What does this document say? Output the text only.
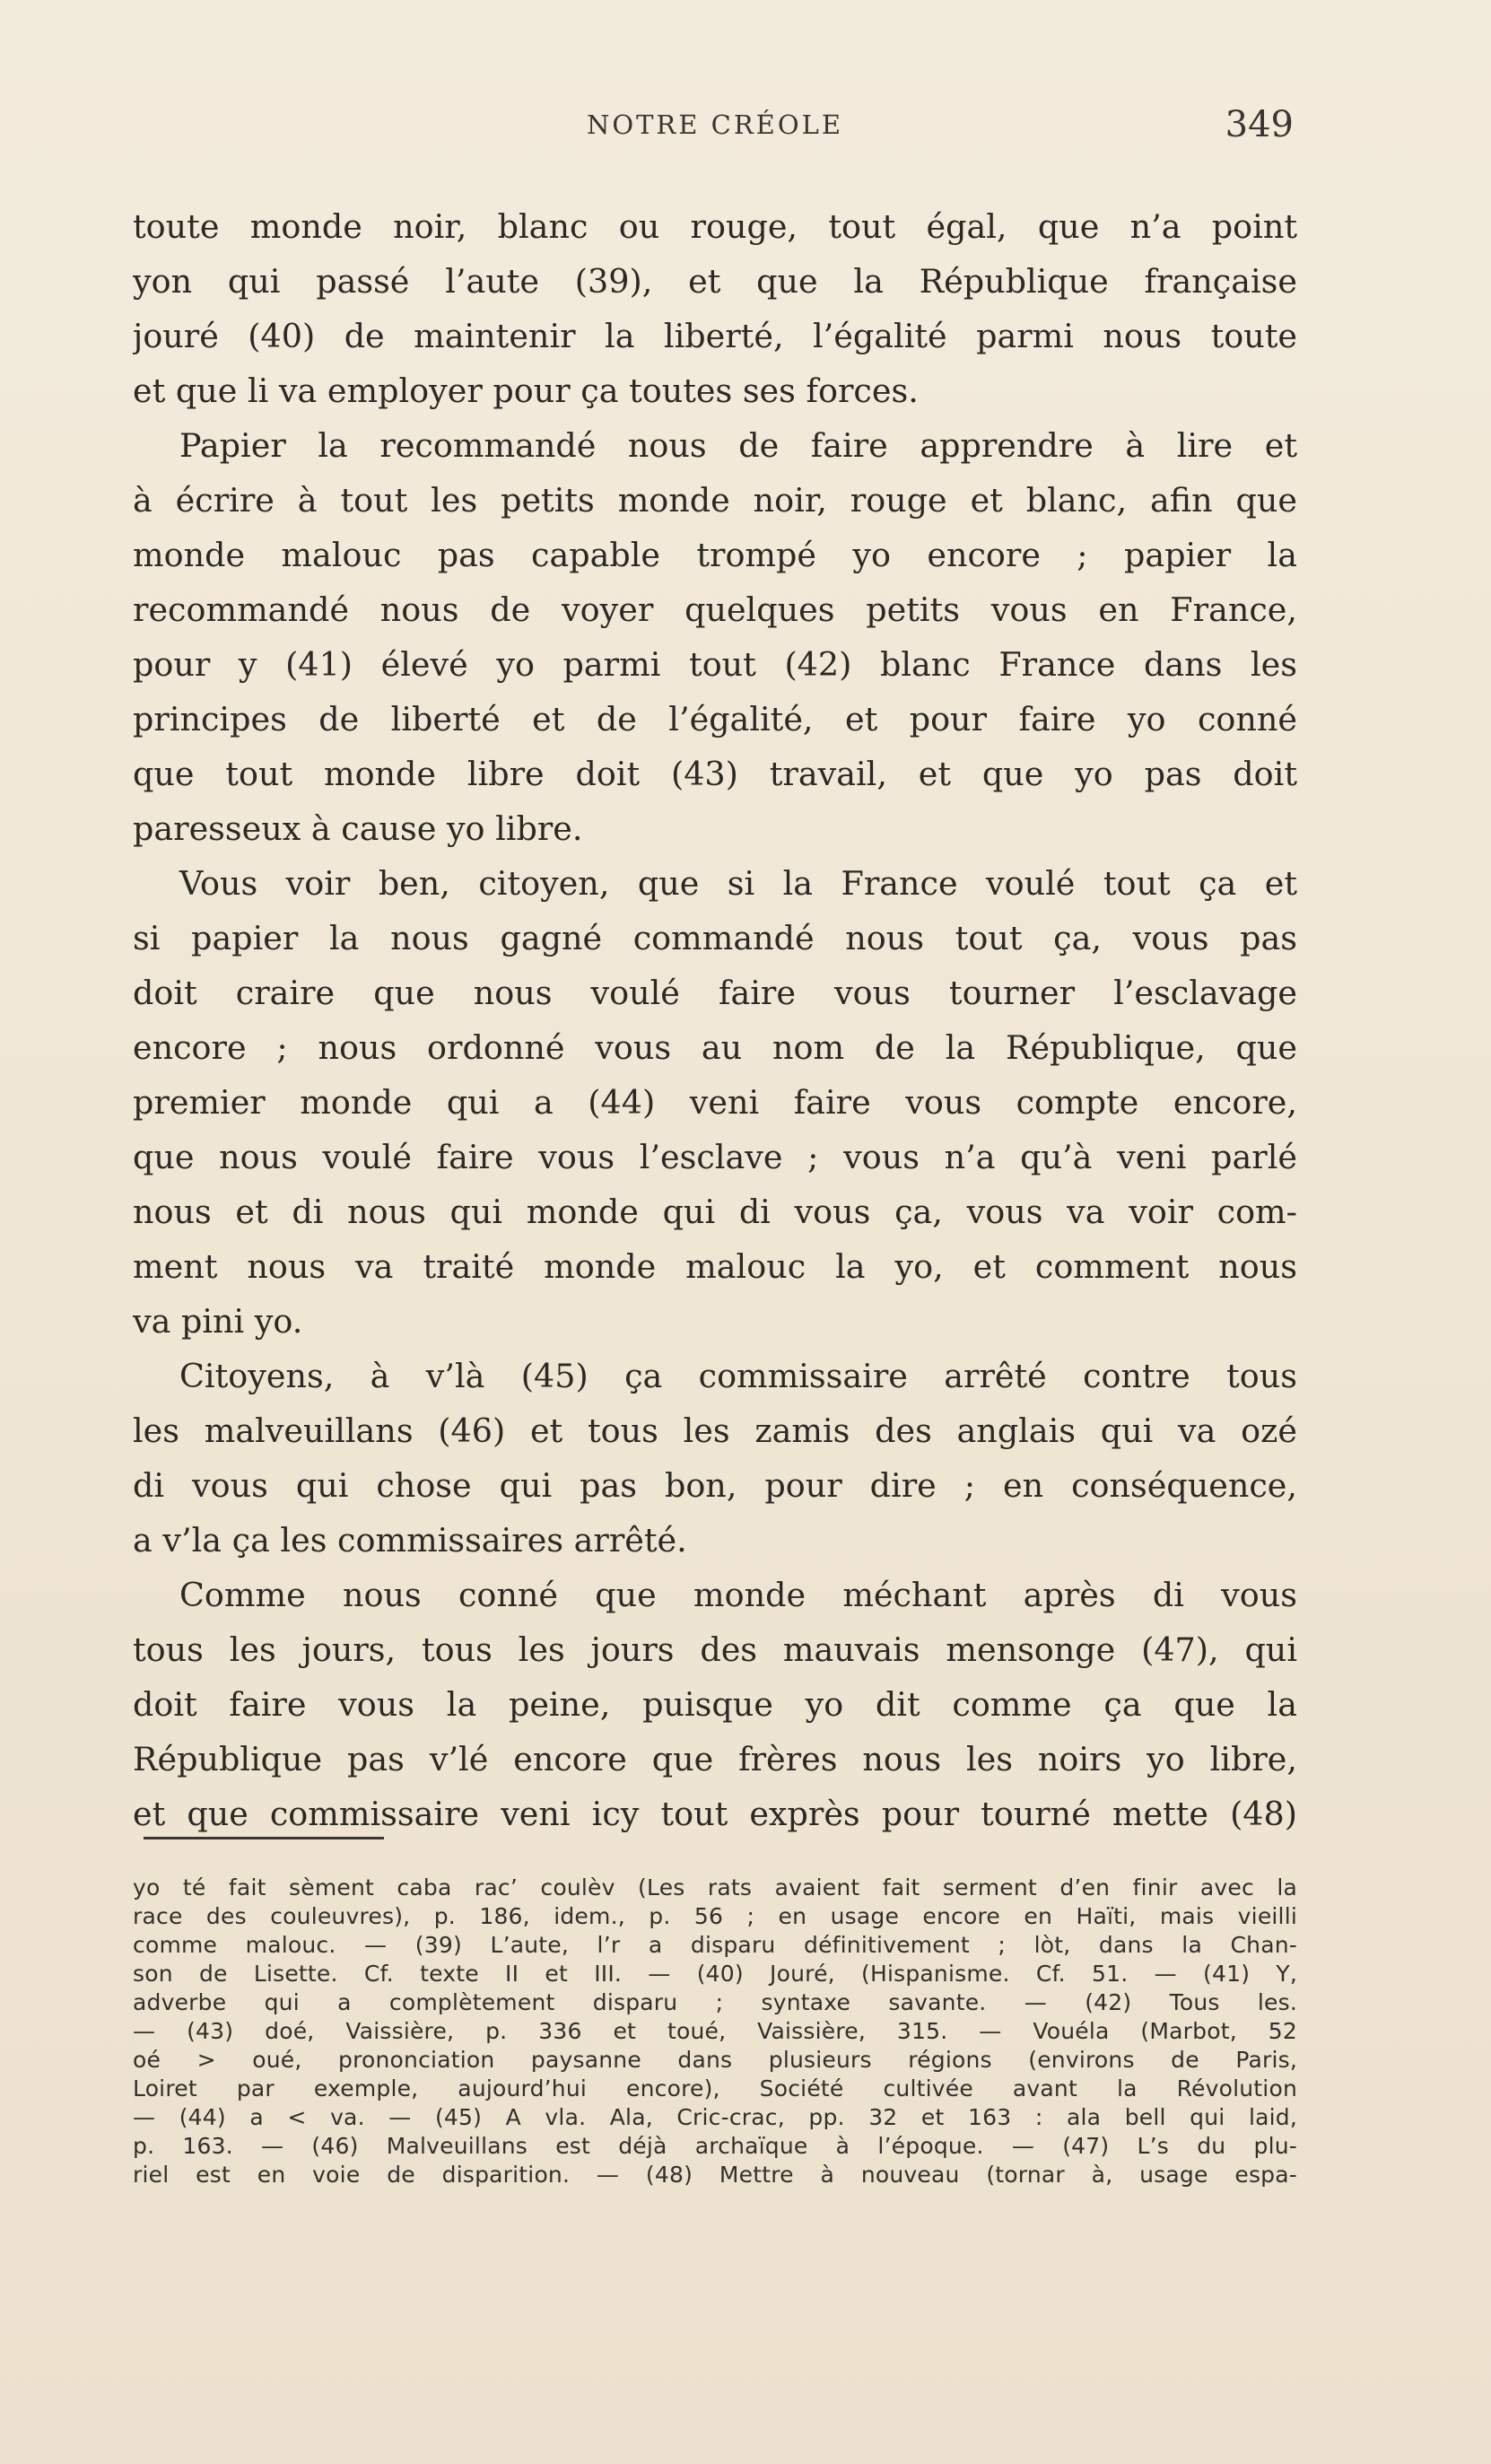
NOTRE CRÉOLE	349
toute monde noir, blanc ou rouge, tout égal, que n’a point
yon qui passé l’aute (39), et que la République française
jouré (40) de maintenir la liberté, l’égalité parmi nous toute
et que li va employer pour ça toutes ses forces.
Papier la recommandé nous de faire apprendre à lire et
à écrire à tout les petits monde noir, rouge et blanc, afin que
monde malouc pas capable trompé yo encore ; papier la
recommandé nous de voyer quelques petits vous en France,
pour y (41) élevé yo parmi tout (42) blanc France dans les
principes de liberté et de l’égalité, et pour faire yo conné
que tout monde libre doit (43) travail, et que yo pas doit
paresseux à cause yo libre.
Vous voir ben, citoyen, que si la France voulé tout ça et
si papier la nous gagné commandé nous tout ça, vous pas
doit craire que nous voulé faire vous tourner l’esclavage
encore ; nous ordonné vous au nom de la République, que
premier monde qui a (44) veni faire vous compte encore,
que nous voulé faire vous l’esclave ; vous n’a qu’à veni parlé
nous et di nous qui monde qui di vous ça, vous va voir com-
ment nous va traité monde malouc la yo, et comment nous
va pini yo.
Citoyens, à v’là (45) ça commissaire arrêté contre tous
les malveuillans (46) et tous les zamis des anglais qui va ozé
di vous qui chose qui pas bon, pour dire ; en conséquence,
a v’la ça les commissaires arrêté.
Comme nous conné que monde méchant après di vous
tous les jours, tous les jours des mauvais mensonge (47), qui
doit faire vous la peine, puisque yo dit comme ça que la
République pas v’lé encore que frères nous les noirs yo libre,
et que commissaire veni icy tout exprès pour tourné mette (48)
yo té fait sèment caba rac’ coulèv (Les rats avaient fait serment d’en finir avec la
race des couleuvres), p. 186, idem., p. 56 ; en usage encore en Haïti, mais vieilli
comme malouc. — (39) L’aute, l’r a disparu définitivement ; lòt, dans la Chan-
son de Lisette. Cf. texte II et III. — (40) Jouré, (Hispanisme. Cf. 51. — (41) Y,
adverbe qui a complètement disparu ; syntaxe savante. — (42) Tous les.
— (43) doé, Vaissière, p. 336 et toué, Vaissière, 315. — Vouéla (Marbot, 52
oé > oué, prononciation paysanne dans plusieurs régions (environs de Paris,
Loiret par exemple, aujourd’hui encore), Société cultivée avant la Révolution
— (44) a < va. — (45) A vla. Ala, Cric-crac, pp. 32 et 163 : ala bell qui laid,
p. 163. — (46) Malveuillans est déjà archaïque à l’époque. — (47) L’s du plu-
riel est en voie de disparition. — (48) Mettre à nouveau (tornar à, usage espa-
